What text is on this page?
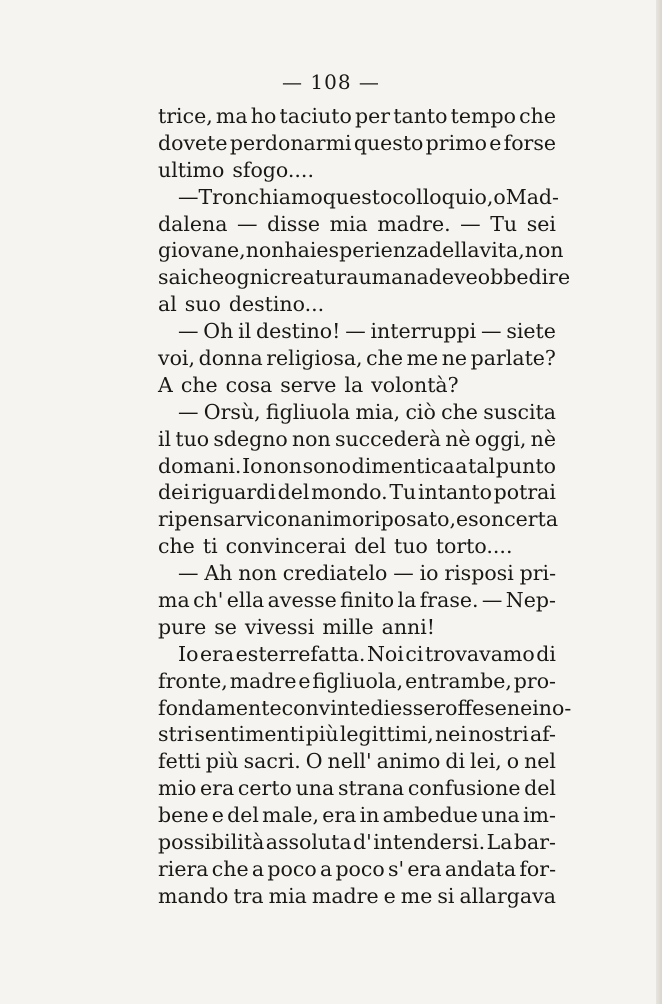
— 108 —
trice, ma ho taciuto per tanto tempo che
dovete perdonarmi questo primo e forse
ultimo sfogo....
— Tronchiamo questo colloquio, o Mad-
dalena — disse mia madre. — Tu sei
giovane, non hai esperienza della vita, non
sai che ogni creatura umana deve obbedire
al suo destino...
— Oh il destino! — interruppi — siete
voi, donna religiosa, che me ne parlate?
A che cosa serve la volontà?
— Orsù, figliuola mia, ciò che suscita
il tuo sdegno non succederà nè oggi, nè
domani. Io non sono dimentica a tal punto
dei riguardi del mondo. Tu intanto potrai
ripensarvi con animo riposato, e son certa
che ti convincerai del tuo torto....
— Ah non crediatelo — io risposi pri-
ma ch' ella avesse finito la frase. — Nep-
pure se vivessi mille anni!
Io era esterrefatta. Noi ci trovavamo di
fronte, madre e figliuola, entrambe, pro-
fondamente convinte di esser offese nei no-
stri sentimenti più legittimi, nei nostri af-
fetti più sacri. O nell' animo di lei, o nel
mio era certo una strana confusione del
bene e del male, era in ambedue una im-
possibilità assoluta d' intendersi. La bar-
riera che a poco a poco s' era andata for-
mando tra mia madre e me si allargava
